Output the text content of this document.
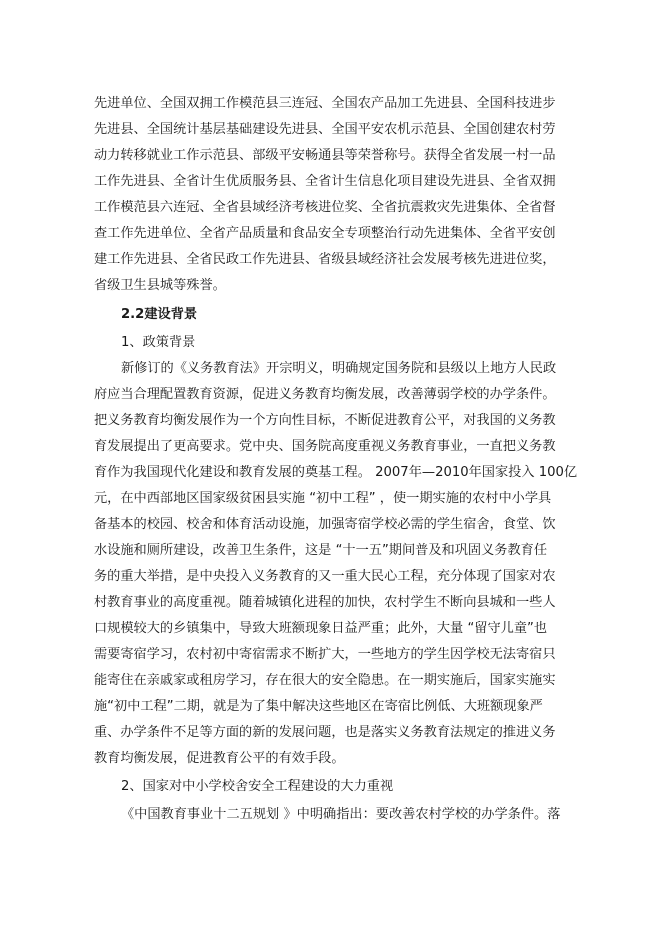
先进单位、全国双拥工作模范县三连冠、全国农产品加工先进县、全国科技进步
先进县、全国统计基层基础建设先进县、全国平安农机示范县、全国创建农村劳
动力转移就业工作示范县、部级平安畅通县等荣誉称号。获得全省发展一村一品
工作先进县、全省计生优质服务县、全省计生信息化项目建设先进县、全省双拥
工作模范县六连冠、全省县域经济考核进位奖、全省抗震救灾先进集体、全省督
查工作先进单位、全省产品质量和食品安全专项整治行动先进集体、全省平安创
建工作先进县、全省民政工作先进县、省级县域经济社会发展考核先进进位奖，
省级卫生县城等殊誉。
2.2建设背景
1、政策背景
新修订的《义务教育法》开宗明义，明确规定国务院和县级以上地方人民政
府应当合理配置教育资源，促进义务教育均衡发展，改善薄弱学校的办学条件。
把义务教育均衡发展作为一个方向性目标，不断促进教育公平，对我国的义务教
育发展提出了更高要求。党中央、国务院高度重视义务教育事业，一直把义务教
育作为我国现代化建设和教育发展的奠基工程。 2007年—2010年国家投入 100亿
元，在中西部地区国家级贫困县实施 “初中工程” ，使一期实施的农村中小学具
备基本的校园、校舍和体育活动设施，加强寄宿学校必需的学生宿舍，食堂、饮
水设施和厕所建设，改善卫生条件，这是 “十一五”期间普及和巩固义务教育任
务的重大举措，是中央投入义务教育的又一重大民心工程，充分体现了国家对农
村教育事业的高度重视。随着城镇化进程的加快，农村学生不断向县城和一些人
口规模较大的乡镇集中，导致大班额现象日益严重；此外，大量 “留守儿童”也
需要寄宿学习，农村初中寄宿需求不断扩大，一些地方的学生因学校无法寄宿只
能寄住在亲戚家或租房学习，存在很大的安全隐患。在一期实施后，国家实施实
施“初中工程”二期，就是为了集中解决这些地区在寄宿比例低、大班额现象严
重、办学条件不足等方面的新的发展问题，也是落实义务教育法规定的推进义务
教育均衡发展，促进教育公平的有效手段。
2、国家对中小学校舍安全工程建设的大力重视
《中国教育事业十二五规划 》中明确指出：要改善农村学校的办学条件。落
